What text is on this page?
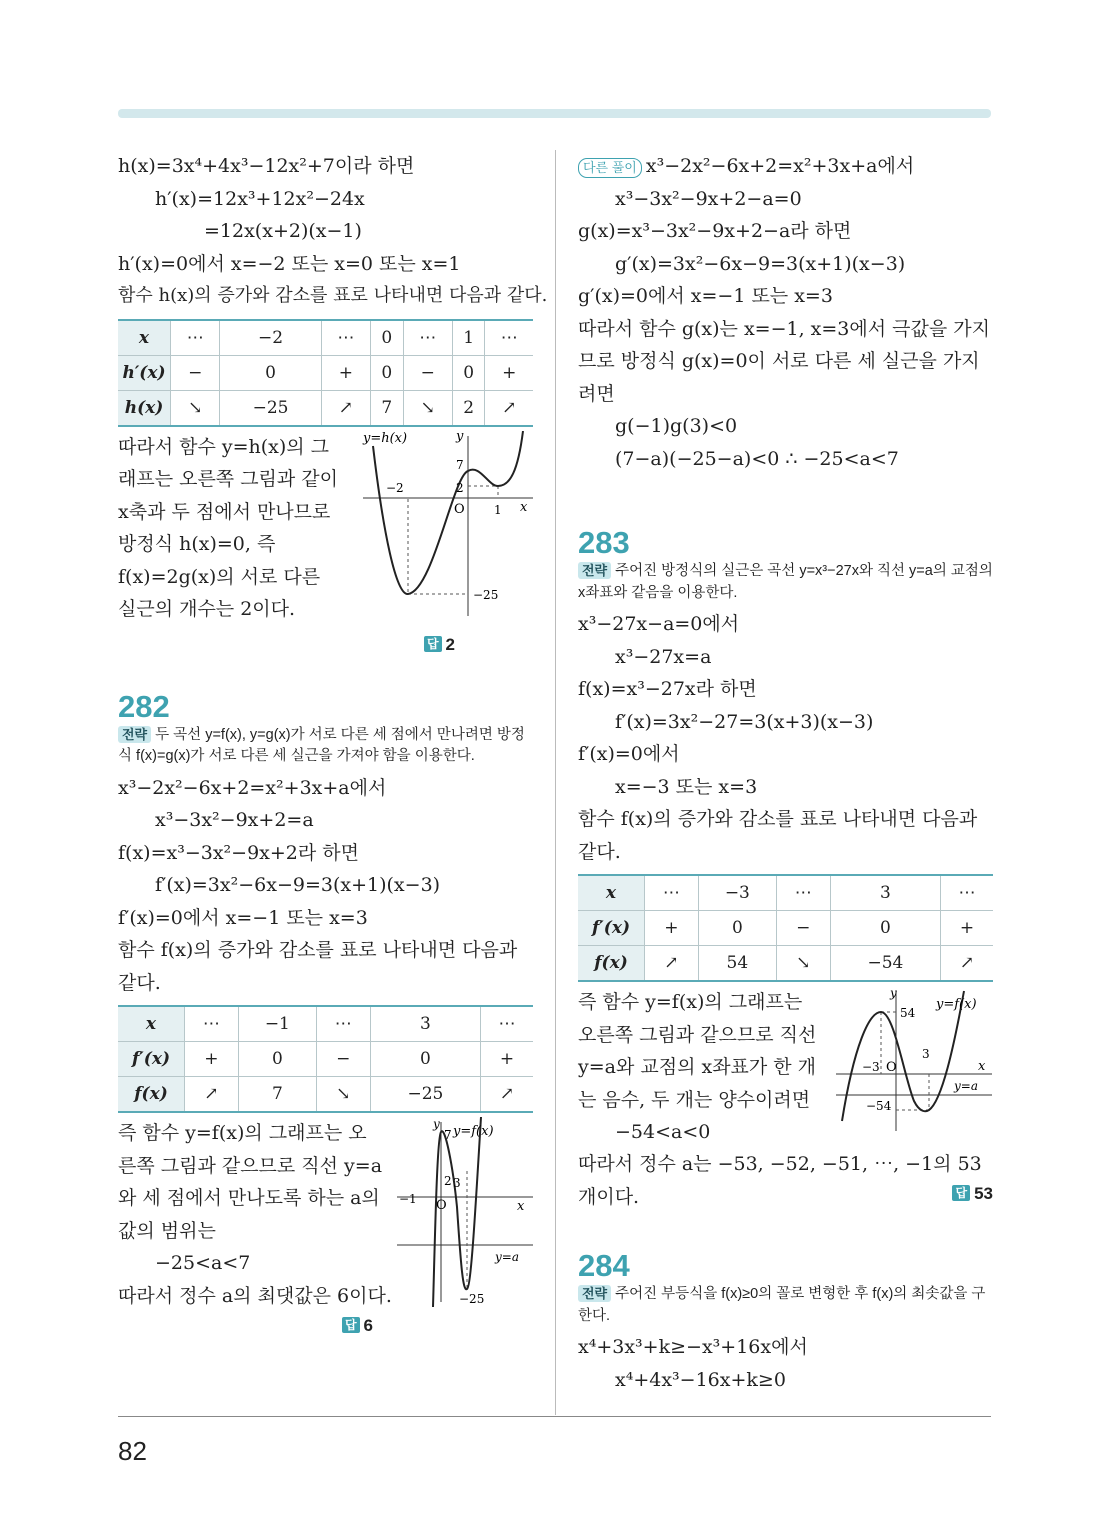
82
h(x)=3x⁴+4x³−12x²+7이라 하면
h′(x)=12x³+12x²−24x
=12x(x+2)(x−1)
h′(x)=0에서 x=−2 또는 x=0 또는 x=1
함수 h(x)의 증가와 감소를 표로 나타내면 다음과 같다.
x	⋯	−2	⋯	0	⋯	1	⋯
h′(x)	−	0	+	0	−	0	+
h(x)	↘	−25	↗	7	↘	2	↗
따라서 함수 y=h(x)의 그
래프는 오른쪽 그림과 같이
x축과 두 점에서 만나므로
방정식 h(x)=0, 즉
f(x)=2g(x)의 서로 다른
실근의 개수는 2이다.
y=h(x)	y
x
O
7
2
−2
1
−25
답 2
282
전략 두 곡선 y=f(x), y=g(x)가 서로 다른 세 점에서 만나려면 방정식 f(x)=g(x)가 서로 다른 세 실근을 가져야 함을 이용한다.
x³−2x²−6x+2=x²+3x+a에서
x³−3x²−9x+2=a
f(x)=x³−3x²−9x+2라 하면
f′(x)=3x²−6x−9=3(x+1)(x−3)
f′(x)=0에서 x=−1 또는 x=3
함수 f(x)의 증가와 감소를 표로 나타내면 다음과 같다.
x	⋯	−1	⋯	3	⋯
f′(x)	+	0	−	0	+
f(x)	↗	7	↘	−25	↗
즉 함수 y=f(x)의 그래프는 오
른쪽 그림과 같으므로 직선 y=a
와 세 점에서 만나도록 하는 a의
값의 범위는
−25<a<7
따라서 정수 a의 최댓값은 6이다.
y y=f(x)
7
2 3
−1 O	x
y=a
−25
답 6
다른 풀이 x³−2x²−6x+2=x²+3x+a에서
x³−3x²−9x+2−a=0
g(x)=x³−3x²−9x+2−a라 하면
g′(x)=3x²−6x−9=3(x+1)(x−3)
g′(x)=0에서 x=−1 또는 x=3
따라서 함수 g(x)는 x=−1, x=3에서 극값을 가지므로 방정식 g(x)=0이 서로 다른 세 실근을 가지려면
g(−1)g(3)<0
(7−a)(−25−a)<0 ∴ −25<a<7
283
전략 주어진 방정식의 실근은 곡선 y=x³−27x와 직선 y=a의 교점의 x좌표와 같음을 이용한다.
x³−27x−a=0에서
x³−27x=a
f(x)=x³−27x라 하면
f′(x)=3x²−27=3(x+3)(x−3)
f′(x)=0에서
x=−3 또는 x=3
함수 f(x)의 증가와 감소를 표로 나타내면 다음과 같다.
x	⋯	−3	⋯	3	⋯
f′(x)	+	0	−	0	+
f(x)	↗	54	↘	−54	↗
즉 함수 y=f(x)의 그래프는
오른쪽 그림과 같으므로 직선
y=a와 교점의 x좌표가 한 개
는 음수, 두 개는 양수이려면
−54<a<0
따라서 정수 a는 −53, −52, −51, ⋯, −1의 53개이다.
y
y=f(x)
54
−3 O
3
x
y=a
−54
답 53
284
전략 주어진 부등식을 f(x)≥0의 꼴로 변형한 후 f(x)의 최솟값을 구한다.
x⁴+3x³+k≥−x³+16x에서
x⁴+4x³−16x+k≥0
